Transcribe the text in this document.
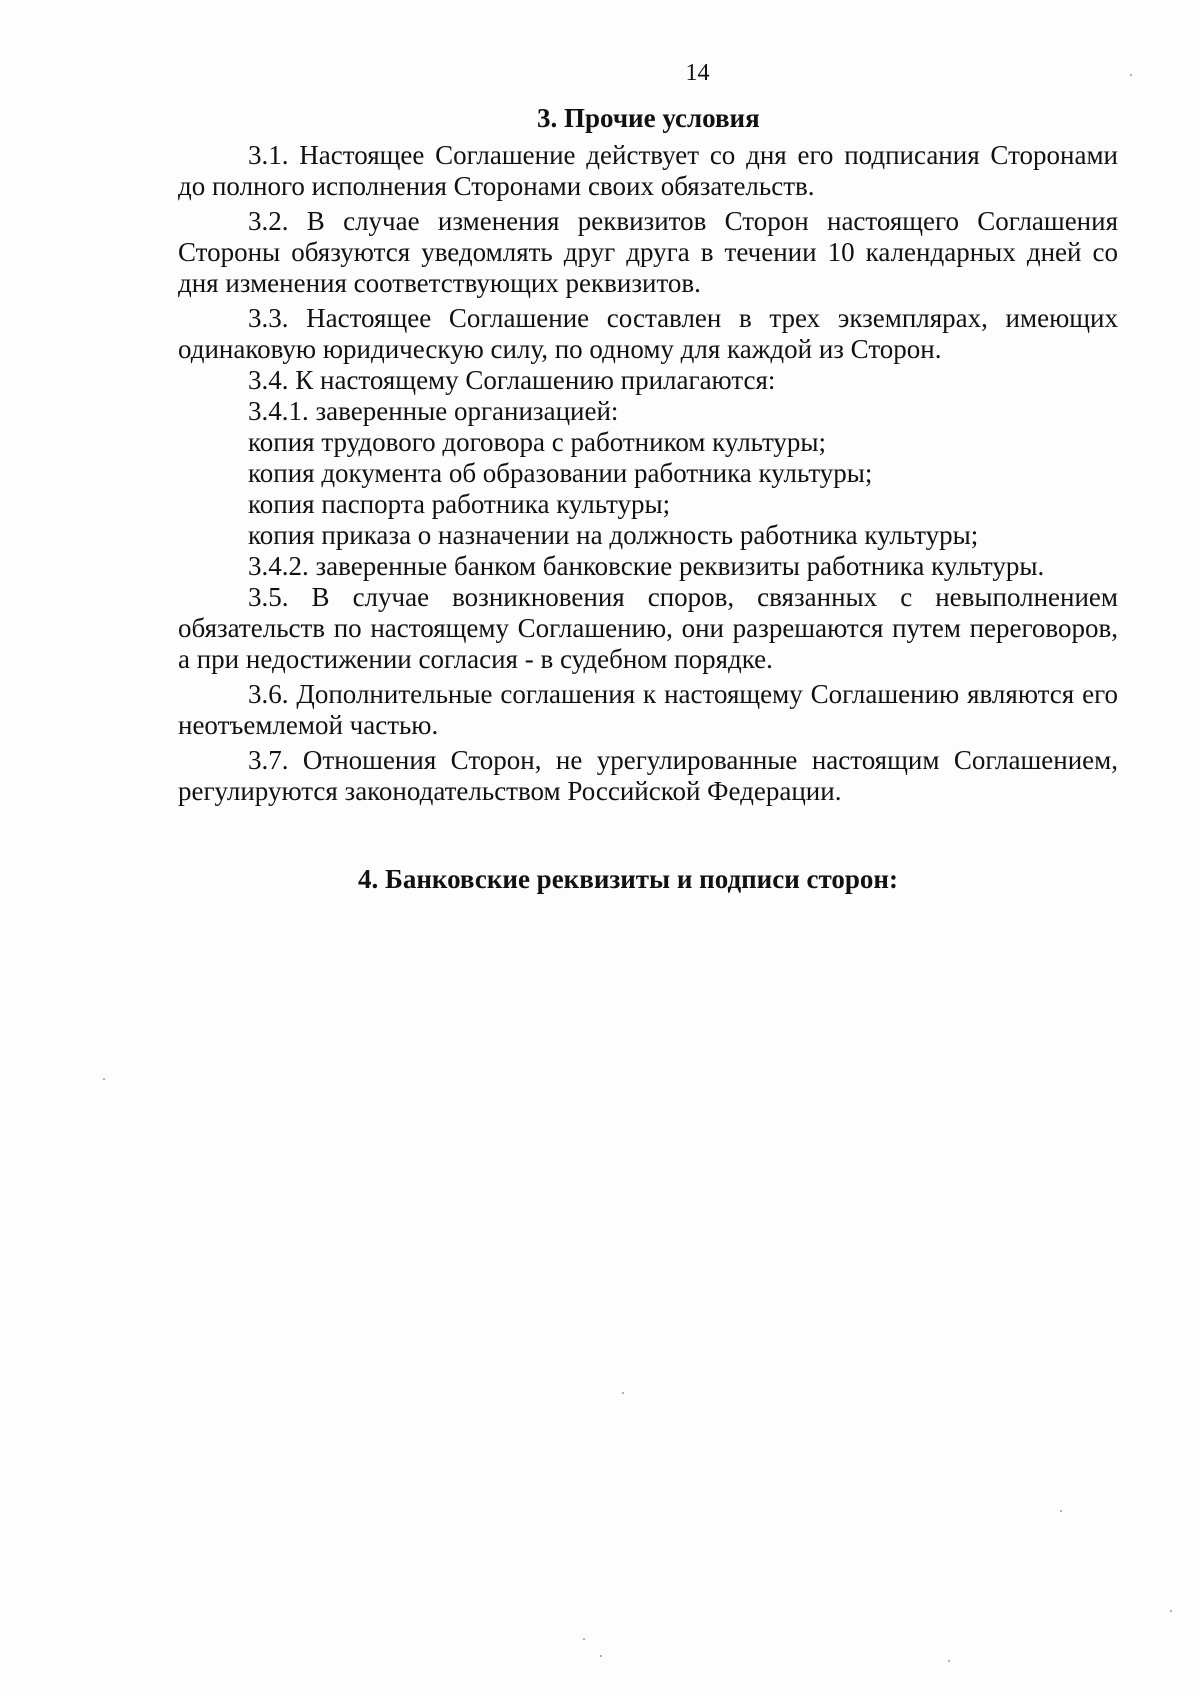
14
3. Прочие условия

3.1. Настоящее Соглашение действует со дня его подписания Сторонами до полного исполнения Сторонами своих обязательств.

3.2. В случае изменения реквизитов Сторон настоящего Соглашения Стороны обязуются уведомлять друг друга в течении 10 календарных дней со дня изменения соответствующих реквизитов.

3.3. Настоящее Соглашение составлен в трех экземплярах, имеющих одинаковую юридическую силу, по одному для каждой из Сторон.

3.4. К настоящему Соглашению прилагаются:

3.4.1. заверенные организацией:

копия трудового договора с работником культуры;

копия документа об образовании работника культуры;

копия паспорта работника культуры;

копия приказа о назначении на должность работника культуры;

3.4.2. заверенные банком банковские реквизиты работника культуры.

3.5. В случае возникновения споров, связанных с невыполнением обязательств по настоящему Соглашению, они разрешаются путем переговоров, а при недостижении согласия - в судебном порядке.

3.6. Дополнительные соглашения к настоящему Соглашению являются его неотъемлемой частью.

3.7. Отношения Сторон, не урегулированные настоящим Соглашением, регулируются законодательством Российской Федерации.

4. Банковские реквизиты и подписи сторон:
